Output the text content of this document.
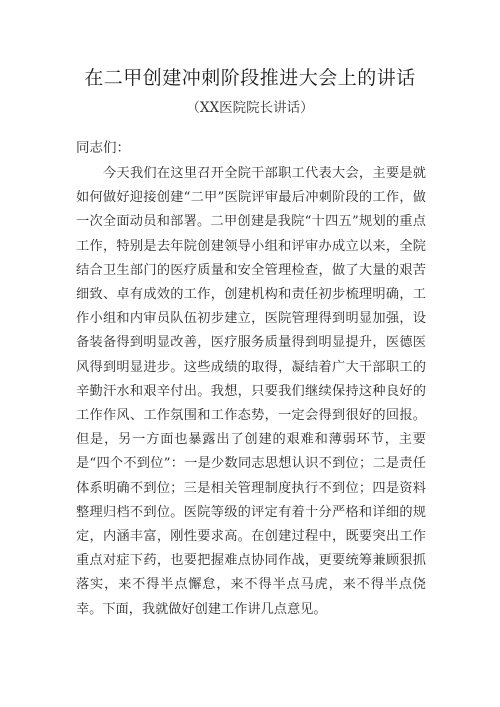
在二甲创建冲刺阶段推进大会上的讲话

（XX医院院长讲话）

同志们：

今天我们在这里召开全院干部职工代表大会，主要是就如何做好迎接创建“二甲”医院评审最后冲刺阶段的工作，做一次全面动员和部署。二甲创建是我院“十四五”规划的重点工作，特别是去年院创建领导小组和评审办成立以来，全院结合卫生部门的医疗质量和安全管理检查，做了大量的艰苦细致、卓有成效的工作，创建机构和责任初步梳理明确，工作小组和内审员队伍初步建立，医院管理得到明显加强，设备装备得到明显改善，医疗服务质量得到明显提升，医德医风得到明显进步。这些成绩的取得，凝结着广大干部职工的辛勤汗水和艰辛付出。我想，只要我们继续保持这种良好的工作作风、工作氛围和工作态势，一定会得到很好的回报。但是，另一方面也暴露出了创建的艰难和薄弱环节，主要是“四个不到位”：一是少数同志思想认识不到位；二是责任体系明确不到位；三是相关管理制度执行不到位；四是资料整理归档不到位。医院等级的评定有着十分严格和详细的规定，内涵丰富，刚性要求高。在创建过程中，既要突出工作重点对症下药，也要把握难点协同作战，更要统筹兼顾狠抓落实，来不得半点懈怠，来不得半点马虎，来不得半点侥幸。下面，我就做好创建工作讲几点意见。
